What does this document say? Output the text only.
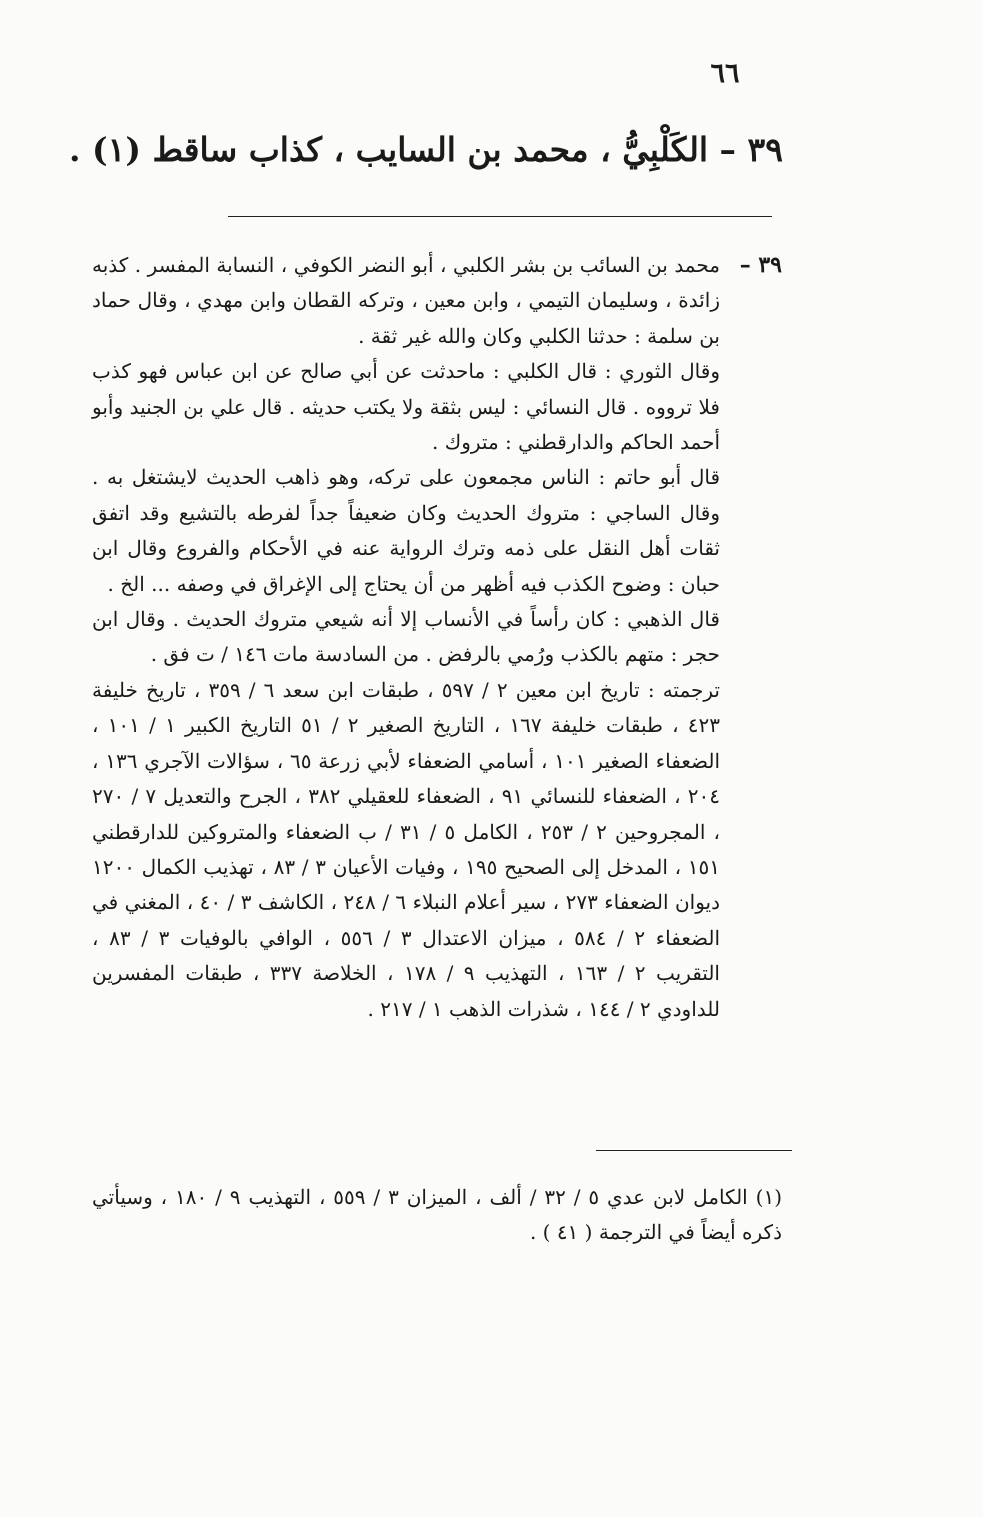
٦٦
٣٩ – الكَلْبِيُّ ، محمد بن السايب ، كذاب ساقط (١) .
٣٩ –

محمد بن السائب بن بشر الكلبي ، أبو النضر الكوفي ، النسابة المفسر . كذبه زائدة ، وسليمان التيمي ، وابن معين ، وتركه القطان وابن مهدي ، وقال حماد بن سلمة : حدثنا الكلبي وكان والله غير ثقة .

وقال الثوري : قال الكلبي : ماحدثت عن أبي صالح عن ابن عباس فهو كذب فلا ترووه . قال النسائي : ليس بثقة ولا يكتب حديثه . قال علي بن الجنيد وأبو أحمد الحاكم والدارقطني : متروك .

قال أبو حاتم : الناس مجمعون على تركه، وهو ذاهب الحديث لايشتغل به . وقال الساجي : متروك الحديث وكان ضعيفاً جداً لفرطه بالتشيع وقد اتفق ثقات أهل النقل على ذمه وترك الرواية عنه في الأحكام والفروع وقال ابن حبان : وضوح الكذب فيه أظهر من أن يحتاج إلى الإغراق في وصفه ... الخ .

قال الذهبي : كان رأساً في الأنساب إلا أنه شيعي متروك الحديث . وقال ابن حجر : متهم بالكذب ورُمي بالرفض . من السادسة مات ١٤٦ / ت فق .

ترجمته : تاريخ ابن معين ٢ / ٥٩٧ ، طبقات ابن سعد ٦ / ٣٥٩ ، تاريخ خليفة ٤٢٣ ، طبقات خليفة ١٦٧ ، التاريخ الصغير ٢ / ٥١ التاريخ الكبير ١ / ١٠١ ، الضعفاء الصغير ١٠١ ، أسامي الضعفاء لأبي زرعة ٦٥ ، سؤالات الآجري ١٣٦ ، ٢٠٤ ، الضعفاء للنسائي ٩١ ، الضعفاء للعقيلي ٣٨٢ ، الجرح والتعديل ٧ / ٢٧٠ ، المجروحين ٢ / ٢٥٣ ، الكامل ٥ / ٣١ / ب الضعفاء والمتروكين للدارقطني ١٥١ ، المدخل إلى الصحيح ١٩٥ ، وفيات الأعيان ٣ / ٨٣ ، تهذيب الكمال ١٢٠٠ ديوان الضعفاء ٢٧٣ ، سير أعلام النبلاء ٦ / ٢٤٨ ، الكاشف ٣ / ٤٠ ، المغني في الضعفاء ٢ / ٥٨٤ ، ميزان الاعتدال ٣ / ٥٥٦ ، الوافي بالوفيات ٣ / ٨٣ ، التقريب ٢ / ١٦٣ ، التهذيب ٩ / ١٧٨ ، الخلاصة ٣٣٧ ، طبقات المفسرين للداودي ٢ / ١٤٤ ، شذرات الذهب ١ / ٢١٧ .

(١) الكامل لابن عدي ٥ / ٣٢ / ألف ، الميزان ٣ / ٥٥٩ ، التهذيب ٩ / ١٨٠ ، وسيأتي ذكره أيضاً في الترجمة ( ٤١ ) .
